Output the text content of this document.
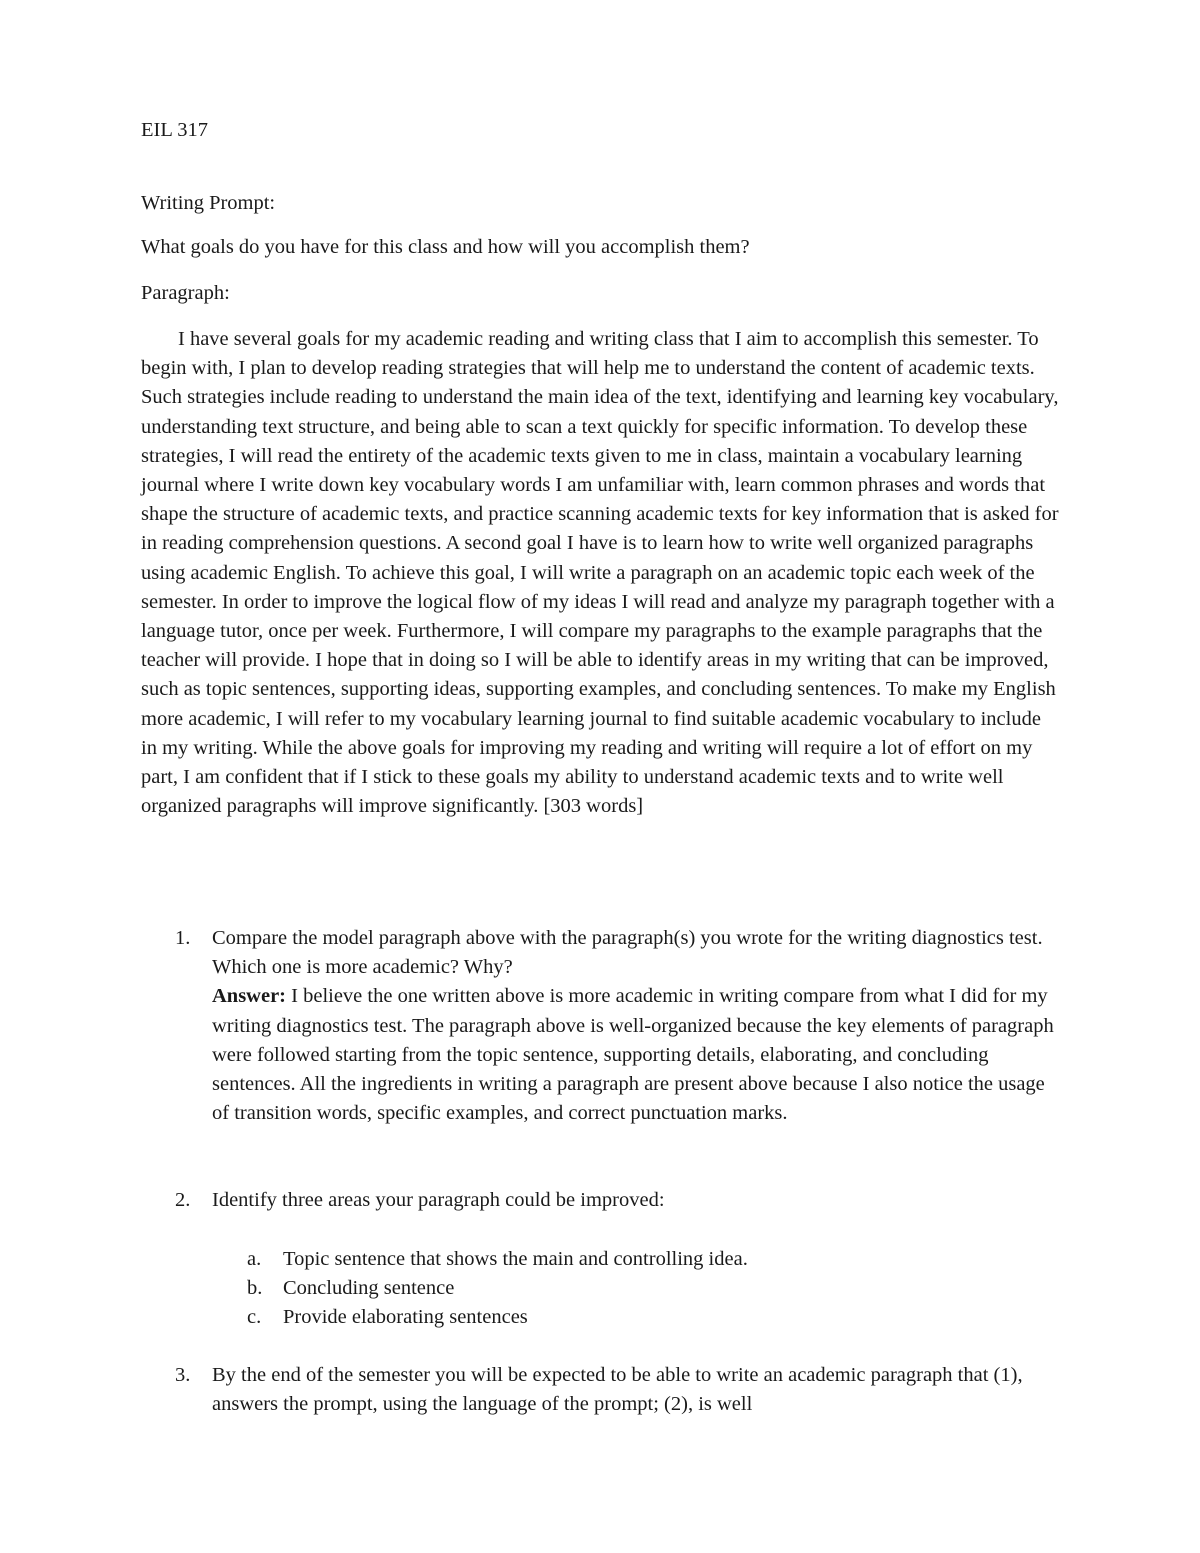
EIL 317

Writing Prompt:

What goals do you have for this class and how will you accomplish them?

Paragraph:

I have several goals for my academic reading and writing class that I aim to accomplish this semester. To begin with, I plan to develop reading strategies that will help me to understand the content of academic texts. Such strategies include reading to understand the main idea of the text, identifying and learning key vocabulary, understanding text structure, and being able to scan a text quickly for specific information. To develop these strategies, I will read the entirety of the academic texts given to me in class, maintain a vocabulary learning journal where I write down key vocabulary words I am unfamiliar with, learn common phrases and words that shape the structure of academic texts, and practice scanning academic texts for key information that is asked for in reading comprehension questions. A second goal I have is to learn how to write well organized paragraphs using academic English. To achieve this goal, I will write a paragraph on an academic topic each week of the semester. In order to improve the logical flow of my ideas I will read and analyze my paragraph together with a language tutor, once per week. Furthermore, I will compare my paragraphs to the example paragraphs that the teacher will provide. I hope that in doing so I will be able to identify areas in my writing that can be improved, such as topic sentences, supporting ideas, supporting examples, and concluding sentences. To make my English more academic, I will refer to my vocabulary learning journal to find suitable academic vocabulary to include in my writing. While the above goals for improving my reading and writing will require a lot of effort on my part, I am confident that if I stick to these goals my ability to understand academic texts and to write well organized paragraphs will improve significantly. [303 words]

1. Compare the model paragraph above with the paragraph(s) you wrote for the writing diagnostics test. Which one is more academic? Why?
Answer: I believe the one written above is more academic in writing compare from what I did for my writing diagnostics test. The paragraph above is well-organized because the key elements of paragraph were followed starting from the topic sentence, supporting details, elaborating, and concluding sentences. All the ingredients in writing a paragraph are present above because I also notice the usage of transition words, specific examples, and correct punctuation marks.

2. Identify three areas your paragraph could be improved:

a. Topic sentence that shows the main and controlling idea.

b. Concluding sentence

c. Provide elaborating sentences

3. By the end of the semester you will be expected to be able to write an academic paragraph that (1), answers the prompt, using the language of the prompt; (2), is well
